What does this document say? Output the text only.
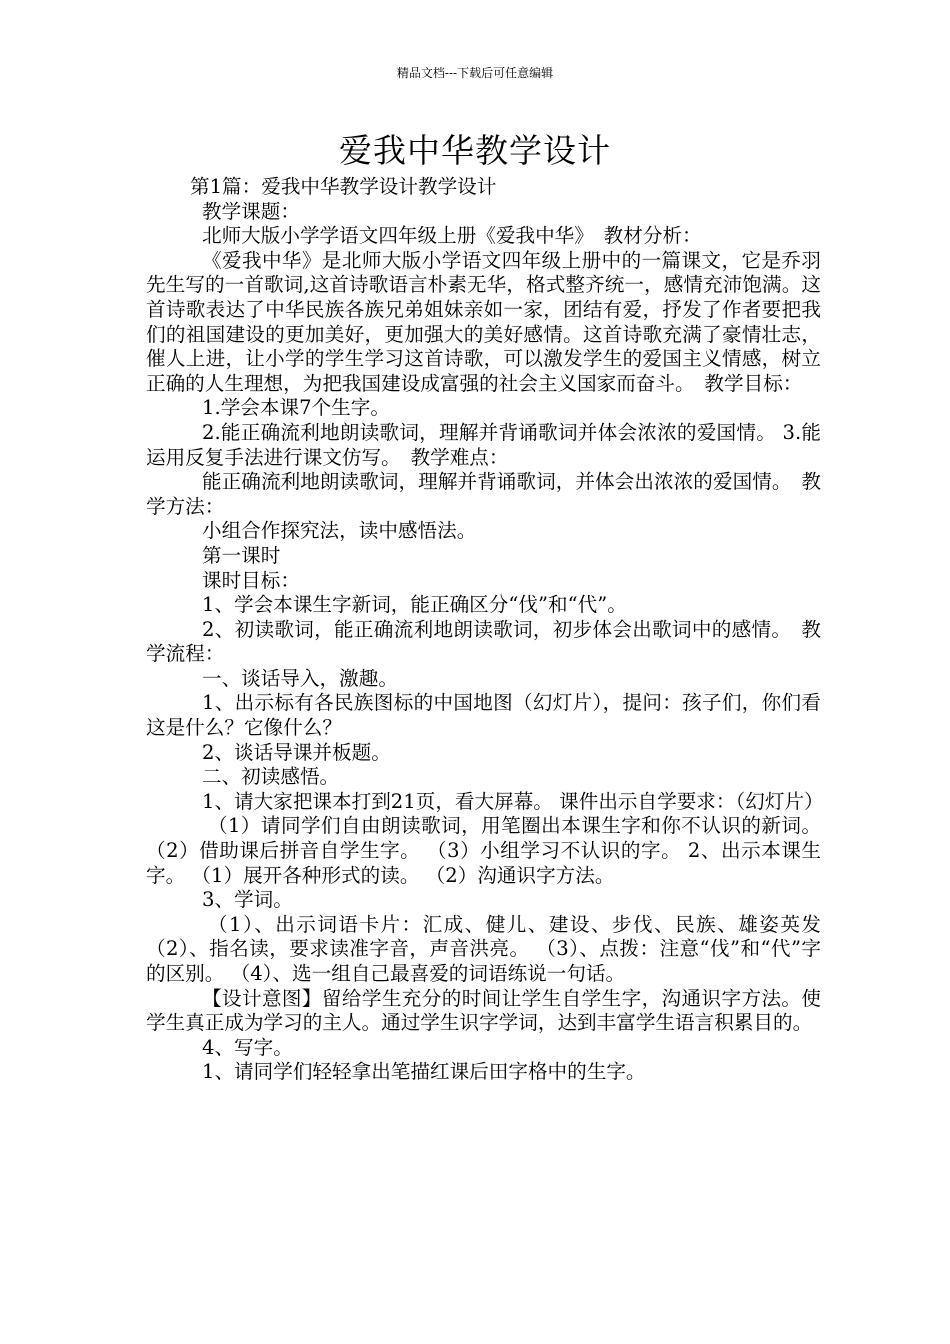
精品文档---下载后可任意编辑
爱我中华教学设计

第1篇：爱我中华教学设计教学设计

教学课题：

北师大版小学学语文四年级上册《爱我中华》　教材分析：

《爱我中华》是北师大版小学语文四年级上册中的一篇课文，它是乔羽先生写的一首歌词,这首诗歌语言朴素无华，格式整齐统一，感情充沛饱满。这首诗歌表达了中华民族各族兄弟姐妹亲如一家，团结有爱，抒发了作者要把我们的祖国建设的更加美好，更加强大的美好感情。这首诗歌充满了豪情壮志，催人上进，让小学的学生学习这首诗歌，可以激发学生的爱国主义情感，树立正确的人生理想，为把我国建设成富强的社会主义国家而奋斗。　教学目标：

1.学会本课7个生字。

2.能正确流利地朗读歌词，理解并背诵歌词并体会浓浓的爱国情。 3.能运用反复手法进行课文仿写。　教学难点：

能正确流利地朗读歌词，理解并背诵歌词，并体会出浓浓的爱国情。　教学方法：

小组合作探究法，读中感悟法。

第一课时

课时目标：

1、学会本课生字新词，能正确区分“伐”和“代”。

2、初读歌词，能正确流利地朗读歌词，初步体会出歌词中的感情。　教学流程：

一、谈话导入，激趣。

1、出示标有各民族图标的中国地图（幻灯片），提问：孩子们，你们看这是什么？它像什么？

2、谈话导课并板题。

二、初读感悟。

1、请大家把课本打到21页，看大屏幕。 课件出示自学要求：（幻灯片）

（1）请同学们自由朗读歌词，用笔圈出本课生字和你不认识的新词。 （2）借助课后拼音自学生字。 （3）小组学习不认识的字。 2、出示本课生字。 （1）展开各种形式的读。 （2）沟通识字方法。

3、学词。

（1）、出示词语卡片：汇成、健儿、建设、步伐、民族、雄姿英发 （2）、指名读，要求读准字音，声音洪亮。 （3）、点拨：注意“伐”和“代”字的区别。 （4）、选一组自己最喜爱的词语练说一句话。

【设计意图】留给学生充分的时间让学生自学生字，沟通识字方法。使学生真正成为学习的主人。通过学生识字学词，达到丰富学生语言积累目的。

4、写字。

1、请同学们轻轻拿出笔描红课后田字格中的生字。
